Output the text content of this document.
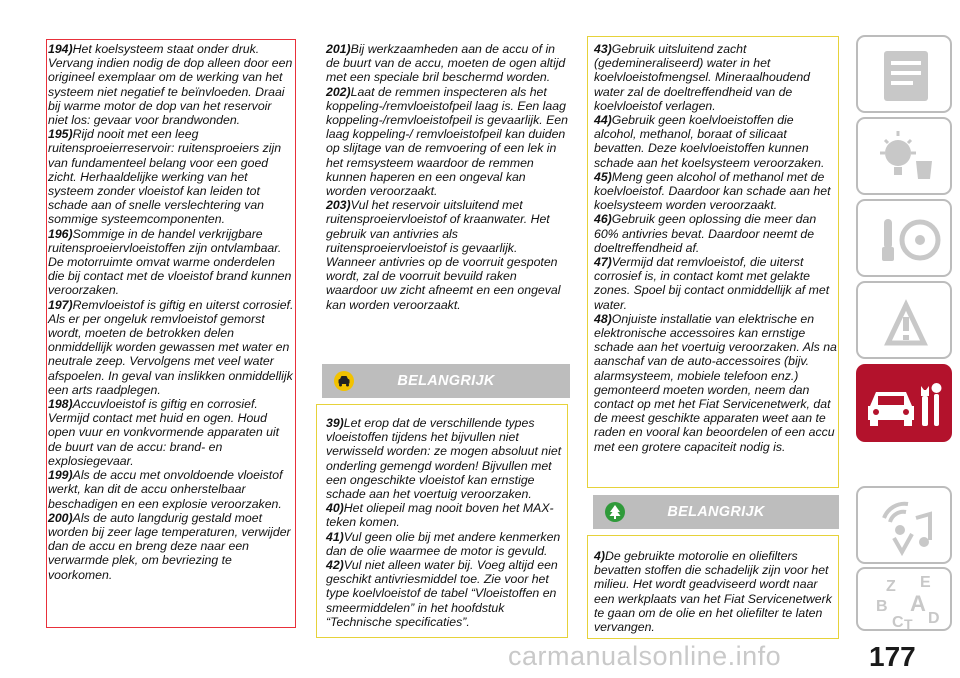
194)Het koelsysteem staat onder druk. Vervang indien nodig de dop alleen door een origineel exemplaar om de werking van het systeem niet negatief te beïnvloeden. Draai bij warme motor de dop van het reservoir niet los: gevaar voor brandwonden.

195)Rijd nooit met een leeg ruitensproeierreservoir: ruitensproeiers zijn van fundamenteel belang voor een goed zicht. Herhaaldelijke werking van het systeem zonder vloeistof kan leiden tot schade aan of snelle verslechtering van sommige systeemcomponenten.

196)Sommige in de handel verkrijgbare ruitensproeiervloeistoffen zijn ontvlambaar. De motorruimte omvat warme onderdelen die bij contact met de vloeistof brand kunnen veroorzaken.

197)Remvloeistof is giftig en uiterst corrosief. Als er per ongeluk remvloeistof gemorst wordt, moeten de betrokken delen onmiddellijk worden gewassen met water en neutrale zeep. Vervolgens met veel water afspoelen. In geval van inslikken onmiddellijk een arts raadplegen.

198)Accuvloeistof is giftig en corrosief. Vermijd contact met huid en ogen. Houd open vuur en vonkvormende apparaten uit de buurt van de accu: brand- en explosiegevaar.

199)Als de accu met onvoldoende vloeistof werkt, kan dit de accu onherstelbaar beschadigen en een explosie veroorzaken.

200)Als de auto langdurig gestald moet worden bij zeer lage temperaturen, verwijder dan de accu en breng deze naar een verwarmde plek, om bevriezing te voorkomen.

201)Bij werkzaamheden aan de accu of in de buurt van de accu, moeten de ogen altijd met een speciale bril beschermd worden.

202)Laat de remmen inspecteren als het koppeling-/remvloeistofpeil laag is. Een laag koppeling-/remvloeistofpeil is gevaarlijk. Een laag koppeling-/ remvloeistofpeil kan duiden op slijtage van de remvoering of een lek in het remsysteem waardoor de remmen kunnen haperen en een ongeval kan worden veroorzaakt.

203)Vul het reservoir uitsluitend met ruitensproeiervloeistof of kraanwater. Het gebruik van antivries als ruitensproeiervloeistof is gevaarlijk. Wanneer antivries op de voorruit gespoten wordt, zal de voorruit bevuild raken waardoor uw zicht afneemt en een ongeval kan worden veroorzaakt.

BELANGRIJK

39)Let erop dat de verschillende types vloeistoffen tijdens het bijvullen niet verwisseld worden: ze mogen absoluut niet onderling gemengd worden! Bijvullen met een ongeschikte vloeistof kan ernstige schade aan het voertuig veroorzaken.

40)Het oliepeil mag nooit boven het MAX-teken komen.

41)Vul geen olie bij met andere kenmerken dan de olie waarmee de motor is gevuld.

42)Vul niet alleen water bij. Voeg altijd een geschikt antivriesmiddel toe. Zie voor het type koelvloeistof de tabel “Vloeistoffen en smeermiddelen” in het hoofdstuk “Technische specificaties”.

43)Gebruik uitsluitend zacht (gedemineraliseerd) water in het koelvloeistofmengsel. Mineraalhoudend water zal de doeltreffendheid van de koelvloeistof verlagen.

44)Gebruik geen koelvloeistoffen die alcohol, methanol, boraat of silicaat bevatten. Deze koelvloeistoffen kunnen schade aan het koelsysteem veroorzaken.

45)Meng geen alcohol of methanol met de koelvloeistof. Daardoor kan schade aan het koelsysteem worden veroorzaakt.

46)Gebruik geen oplossing die meer dan 60% antivries bevat. Daardoor neemt de doeltreffendheid af.

47)Vermijd dat remvloeistof, die uiterst corrosief is, in contact komt met gelakte zones. Spoel bij contact onmiddellijk af met water.

48)Onjuiste installatie van elektrische en elektronische accessoires kan ernstige schade aan het voertuig veroorzaken. Als na aanschaf van de auto-accessoires (bijv. alarmsysteem, mobiele telefoon enz.) gemonteerd moeten worden, neem dan contact op met het Fiat Servicenetwerk, dat de meest geschikte apparaten weet aan te raden en vooral kan beoordelen of een accu met een grotere capaciteit nodig is.

BELANGRIJK

4)De gebruikte motorolie en oliefilters bevatten stoffen die schadelijk zijn voor het milieu. Het wordt geadviseerd wordt naar een werkplaats van het Fiat Servicenetwerk te gaan om de olie en het oliefilter te laten vervangen.

Z E
B A
C T D
carmanualsonline.info	177
